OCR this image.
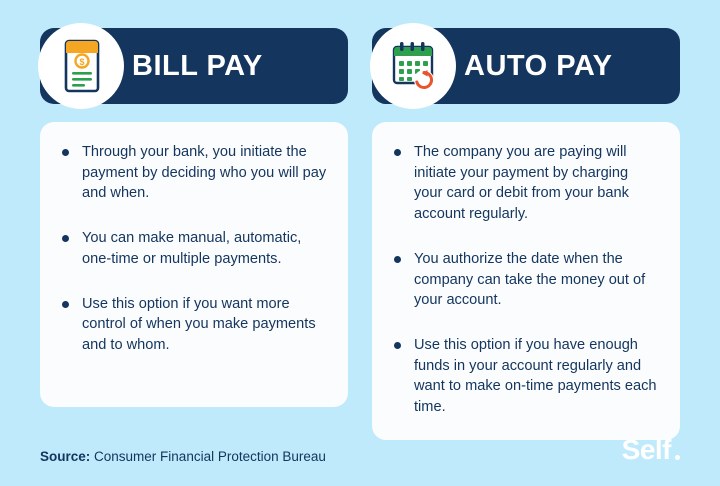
$ BILL PAY
Through your bank, you initiate the payment by deciding who you will pay and when.
You can make manual, automatic, one-time or multiple payments.
Use this option if you want more control of when you make payments and to whom.
AUTO PAY
The company you are paying will initiate your payment by charging your card or debit from your bank account regularly.
You authorize the date when the company can take the money out of your account.
Use this option if you have enough funds in your account regularly and want to make on-time payments each time.
Source: Consumer Financial Protection Bureau	Self
